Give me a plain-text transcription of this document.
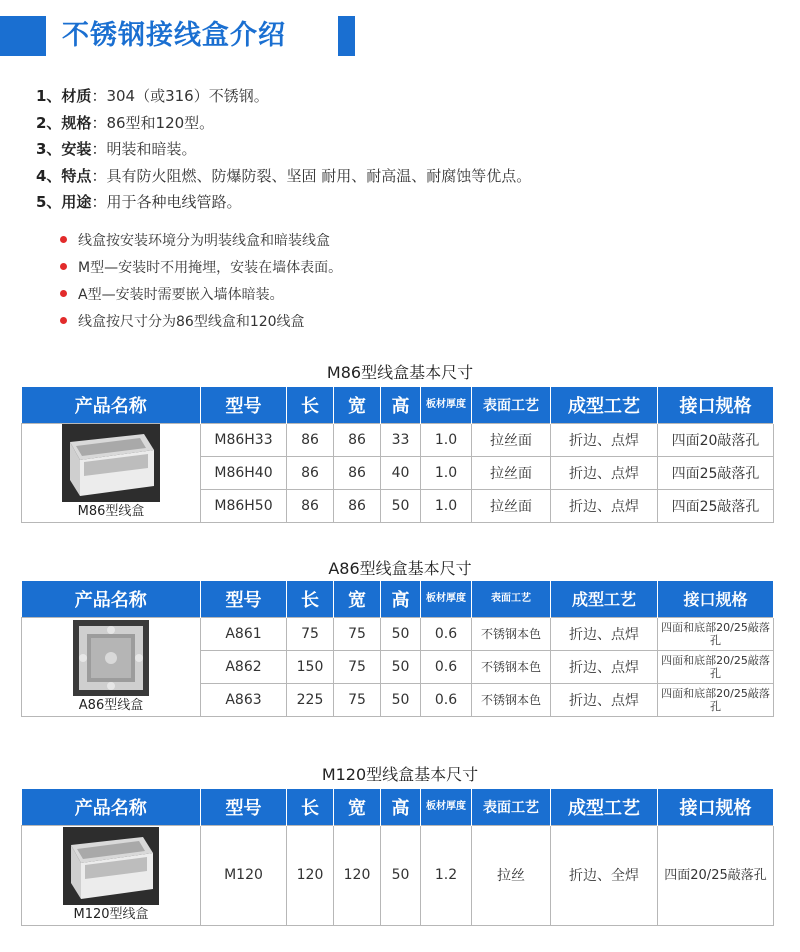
不锈钢接线盒介绍
1、材质：304（或316）不锈钢。
2、规格：86型和120型。
3、安装：明装和暗装。
4、特点：具有防火阻燃、防爆防裂、坚固 耐用、耐高温、耐腐蚀等优点。
5、用途：用于各种电线管路。
线盒按安装环境分为明装线盒和暗装线盒
M型—安装时不用掩埋，安装在墙体表面。
A型—安装时需要嵌入墙体暗装。
线盒按尺寸分为86型线盒和120线盒
M86型线盒基本尺寸
产品名称	型号	长	宽	高	板材厚度	表面工艺	成型工艺	接口规格

M86型线盒	M86H33	86	86	33	1.0	拉丝面	折边、点焊	四面20敲落孔
	M86H40	86	86	40	1.0	拉丝面	折边、点焊	四面25敲落孔
	M86H50	86	86	50	1.0	拉丝面	折边、点焊	四面25敲落孔
A86型线盒基本尺寸
产品名称	型号	长	宽	高	板材厚度	表面工艺	成型工艺	接口规格

A86型线盒	A861	75	75	50	0.6	不锈钢本色	折边、点焊	四面和底部20/25敲落孔
	A862	150	75	50	0.6	不锈钢本色	折边、点焊	四面和底部20/25敲落孔
	A863	225	75	50	0.6	不锈钢本色	折边、点焊	四面和底部20/25敲落孔
M120型线盒基本尺寸
产品名称	型号	长	宽	高	板材厚度	表面工艺	成型工艺	接口规格

M120型线盒	M120	120	120	50	1.2	拉丝	折边、全焊	四面20/25敲落孔
